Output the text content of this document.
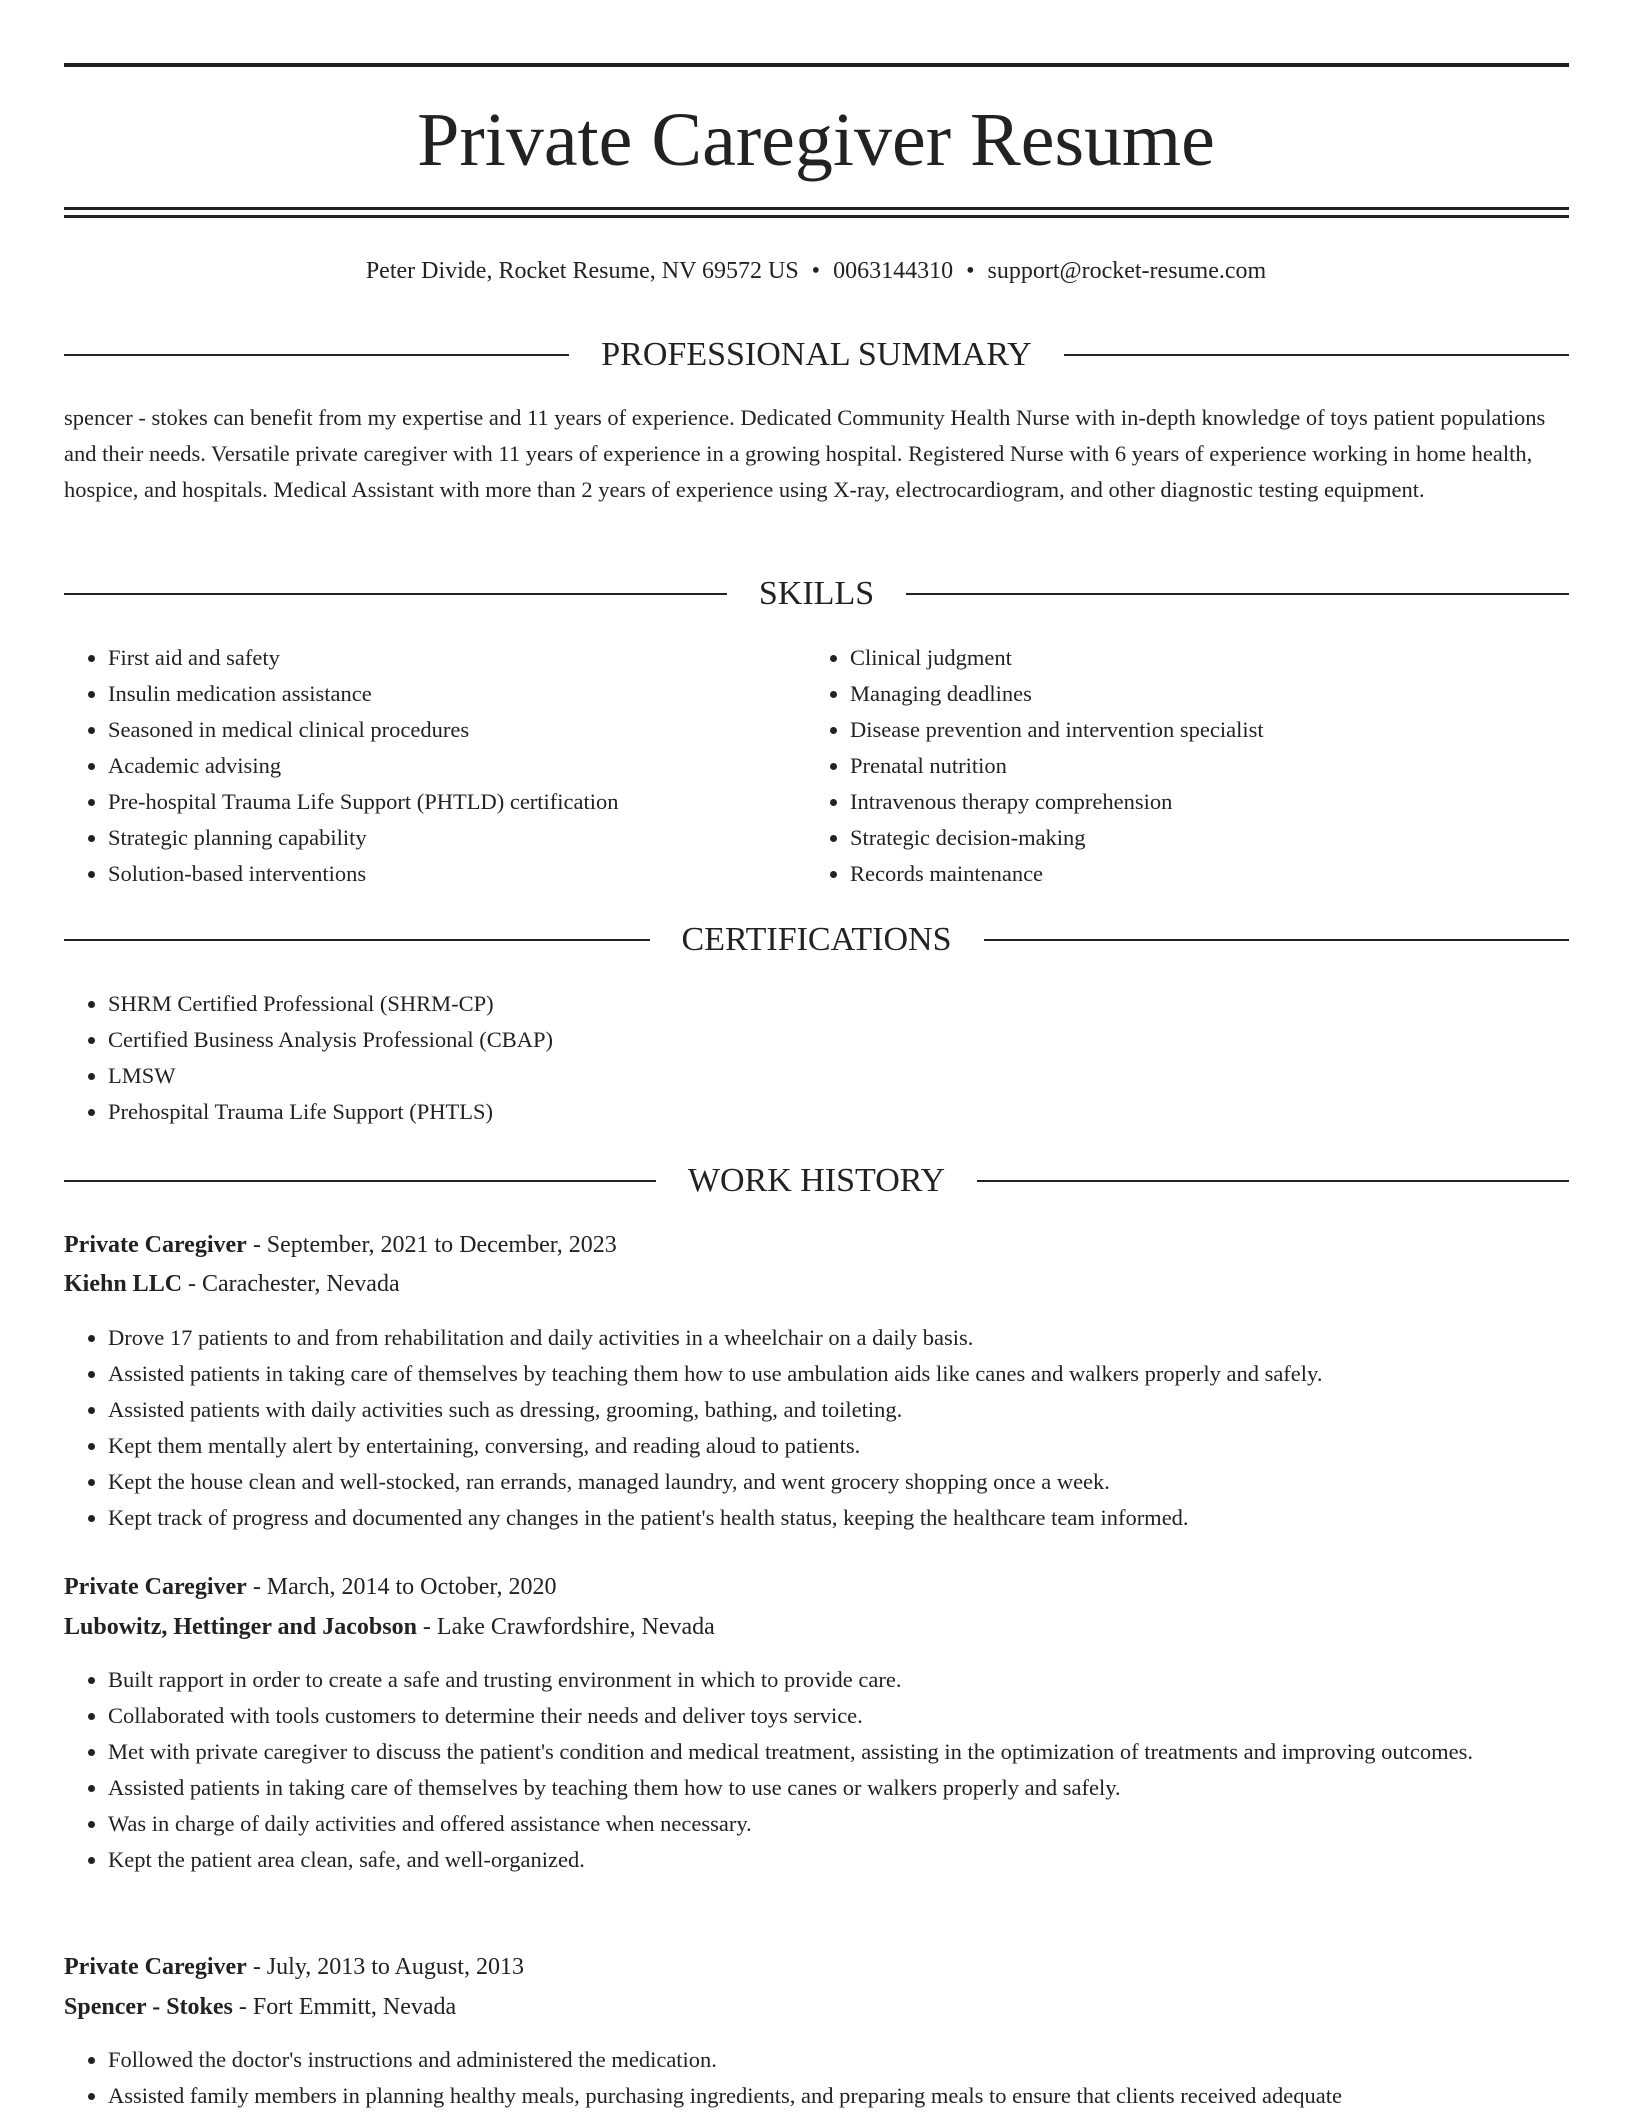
Private Caregiver Resume
Peter Divide, Rocket Resume, NV 69572 US • 0063144310 • support@rocket-resume.com
PROFESSIONAL SUMMARY

spencer - stokes can benefit from my expertise and 11 years of experience. Dedicated Community Health Nurse with in-depth knowledge of toys patient populations and their needs. Versatile private caregiver with 11 years of experience in a growing hospital. Registered Nurse with 6 years of experience working in home health, hospice, and hospitals. Medical Assistant with more than 2 years of experience using X-ray, electrocardiogram, and other diagnostic testing equipment.

SKILLS
• First aid and safety
• Insulin medication assistance
• Seasoned in medical clinical procedures
• Academic advising
• Pre-hospital Trauma Life Support (PHTLD) certification
• Strategic planning capability
• Solution-based interventions
• Clinical judgment
• Managing deadlines
• Disease prevention and intervention specialist
• Prenatal nutrition
• Intravenous therapy comprehension
• Strategic decision-making
• Records maintenance
CERTIFICATIONS
• SHRM Certified Professional (SHRM-CP)
• Certified Business Analysis Professional (CBAP)
• LMSW
• Prehospital Trauma Life Support (PHTLS)
WORK HISTORY
Private Caregiver - September, 2021 to December, 2023
Kiehn LLC - Carachester, Nevada
• Drove 17 patients to and from rehabilitation and daily activities in a wheelchair on a daily basis.
• Assisted patients in taking care of themselves by teaching them how to use ambulation aids like canes and walkers properly and safely.
• Assisted patients with daily activities such as dressing, grooming, bathing, and toileting.
• Kept them mentally alert by entertaining, conversing, and reading aloud to patients.
• Kept the house clean and well-stocked, ran errands, managed laundry, and went grocery shopping once a week.
• Kept track of progress and documented any changes in the patient's health status, keeping the healthcare team informed.
Private Caregiver - March, 2014 to October, 2020
Lubowitz, Hettinger and Jacobson - Lake Crawfordshire, Nevada
• Built rapport in order to create a safe and trusting environment in which to provide care.
• Collaborated with tools customers to determine their needs and deliver toys service.
• Met with private caregiver to discuss the patient's condition and medical treatment, assisting in the optimization of treatments and improving outcomes.
• Assisted patients in taking care of themselves by teaching them how to use canes or walkers properly and safely.
• Was in charge of daily activities and offered assistance when necessary.
• Kept the patient area clean, safe, and well-organized.
Private Caregiver - July, 2013 to August, 2013
Spencer - Stokes - Fort Emmitt, Nevada
• Followed the doctor's instructions and administered the medication.
• Assisted family members in planning healthy meals, purchasing ingredients, and preparing meals to ensure that clients received adequate
